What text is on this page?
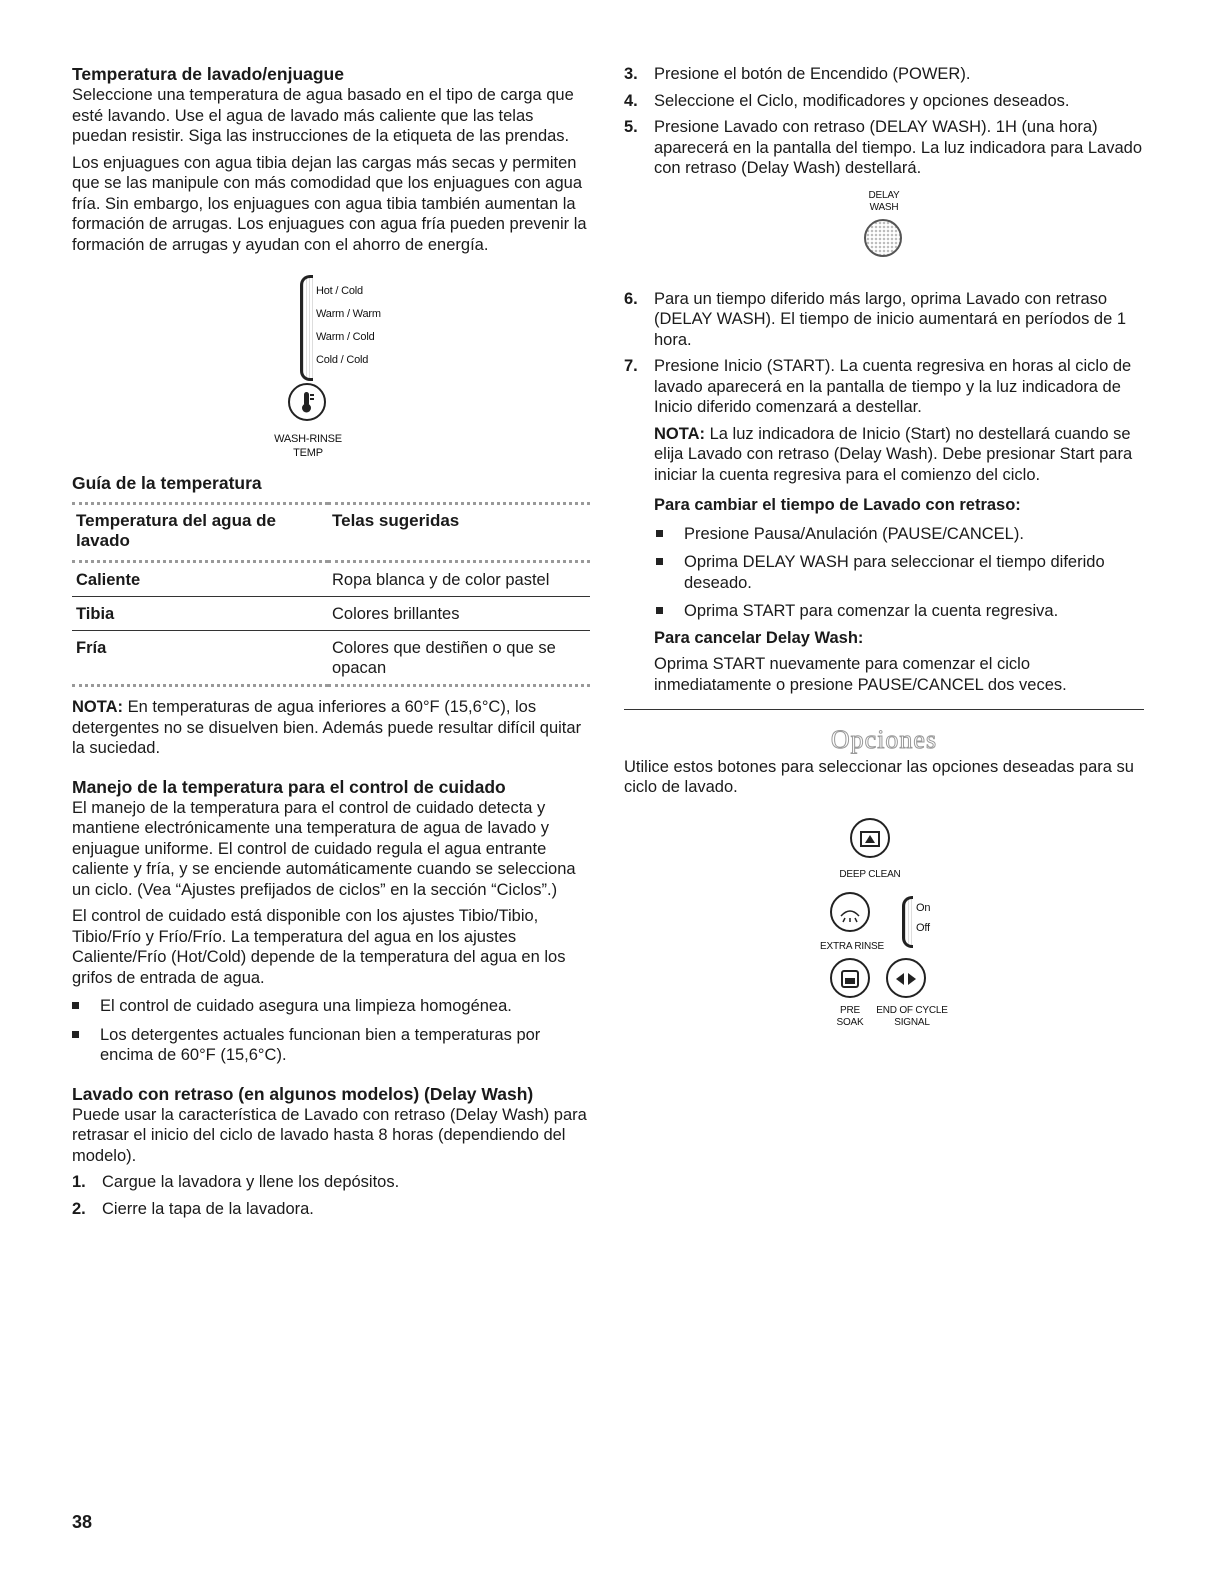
Temperatura de lavado/enjuague

Seleccione una temperatura de agua basado en el tipo de carga que esté lavando. Use el agua de lavado más caliente que las telas puedan resistir. Siga las instrucciones de la etiqueta de las prendas.

Los enjuagues con agua tibia dejan las cargas más secas y permiten que se las manipule con más comodidad que los enjuagues con agua fría. Sin embargo, los enjuagues con agua tibia también aumentan la formación de arrugas. Los enjuagues con agua fría pueden prevenir la formación de arrugas y ayudan con el ahorro de energía.

Hot / Cold
Warm / Warm
Warm / Cold
Cold / Cold
WASH-RINSE
TEMP
Guía de la temperatura
Temperatura del agua de lavado	Telas sugeridas
Caliente	Ropa blanca y de color pastel
Tibia	Colores brillantes
Fría	Colores que destiñen o que se opacan

NOTA: En temperaturas de agua inferiores a 60°F (15,6°C), los detergentes no se disuelven bien. Además puede resultar difícil quitar la suciedad.

Manejo de la temperatura para el control de cuidado

El manejo de la temperatura para el control de cuidado detecta y mantiene electrónicamente una temperatura de agua de lavado y enjuague uniforme. El control de cuidado regula el agua entrante caliente y fría, y se enciende automáticamente cuando se selecciona un ciclo. (Vea “Ajustes prefijados de ciclos” en la sección “Ciclos”.)

El control de cuidado está disponible con los ajustes Tibio/Tibio, Tibio/Frío y Frío/Frío. La temperatura del agua en los ajustes Caliente/Frío (Hot/Cold) depende de la temperatura del agua en los grifos de entrada de agua.

El control de cuidado asegura una limpieza homogénea.
Los detergentes actuales funcionan bien a temperaturas por encima de 60°F (15,6°C).
Lavado con retraso (en algunos modelos) (Delay Wash)

Puede usar la característica de Lavado con retraso (Delay Wash) para retrasar el inicio del ciclo de lavado hasta 8 horas (dependiendo del modelo).

1. Cargue la lavadora y llene los depósitos.
2. Cierre la tapa de la lavadora.
3. Presione el botón de Encendido (POWER).
4. Seleccione el Ciclo, modificadores y opciones deseados.
5. Presione Lavado con retraso (DELAY WASH). 1H (una hora) aparecerá en la pantalla del tiempo. La luz indicadora para Lavado con retraso (Delay Wash) destellará.
DELAY
WASH
6. Para un tiempo diferido más largo, oprima Lavado con retraso (DELAY WASH). El tiempo de inicio aumentará en períodos de 1 hora.
7. Presione Inicio (START). La cuenta regresiva en horas al ciclo de lavado aparecerá en la pantalla de tiempo y la luz indicadora de Inicio diferido comenzará a destellar.

NOTA: La luz indicadora de Inicio (Start) no destellará cuando se elija Lavado con retraso (Delay Wash). Debe presionar Start para iniciar la cuenta regresiva para el comienzo del ciclo.

Para cambiar el tiempo de Lavado con retraso:

Presione Pausa/Anulación (PAUSE/CANCEL).
Oprima DELAY WASH para seleccionar el tiempo diferido deseado.
Oprima START para comenzar la cuenta regresiva.

Para cancelar Delay Wash:

Oprima START nuevamente para comenzar el ciclo inmediatamente o presione PAUSE/CANCEL dos veces.

Opciones

Utilice estos botones para seleccionar las opciones deseadas para su ciclo de lavado.

DEEP CLEAN
EXTRA RINSE
On
Off
PRE
SOAK
END OF CYCLE
SIGNAL
38
